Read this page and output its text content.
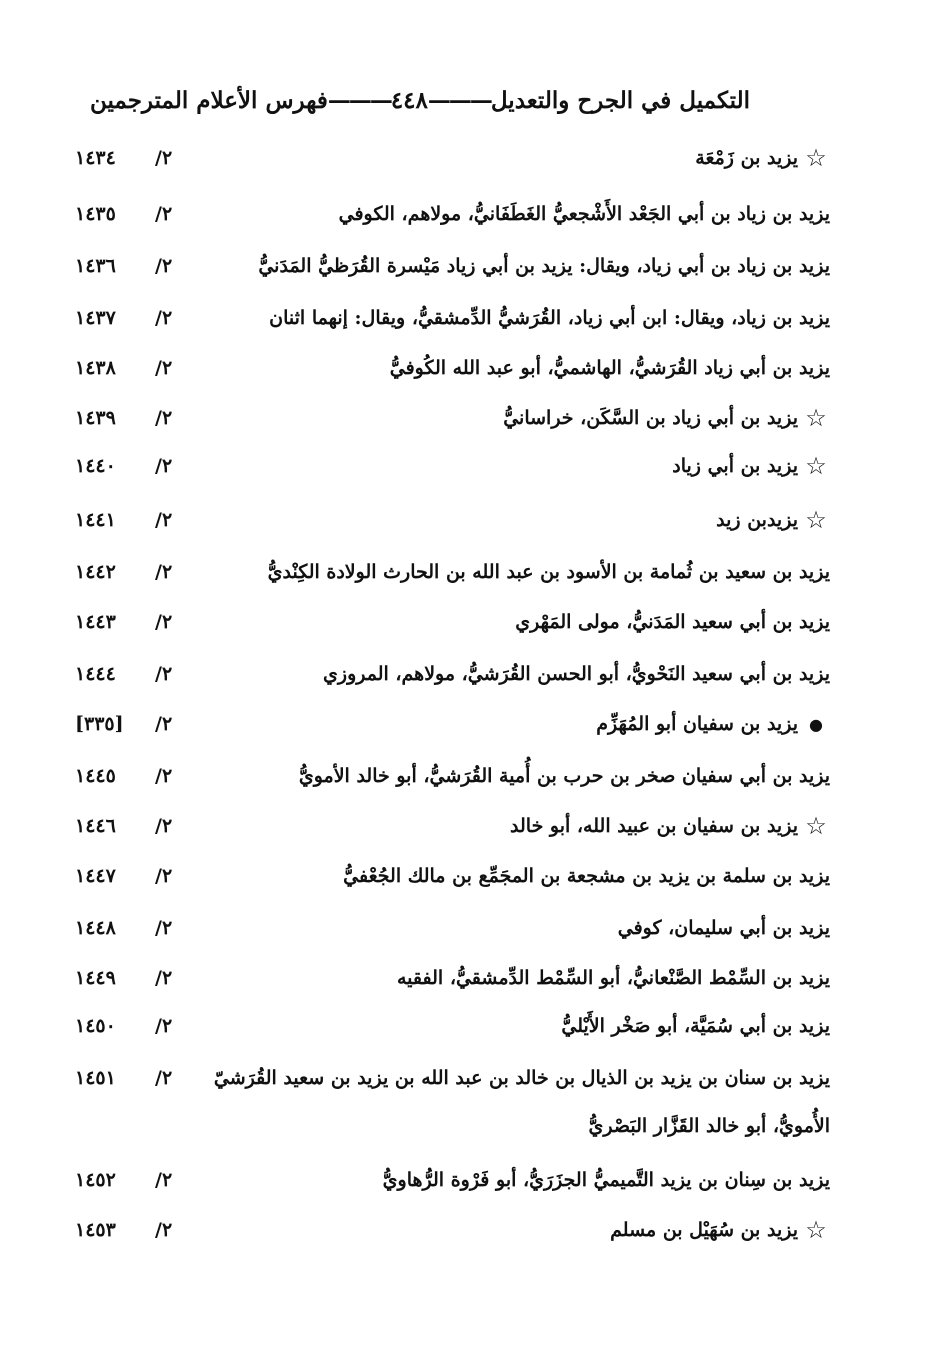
التكميل في الجرح والتعديل
———
٤٤٨
———
فهرس الأعلام المترجمين
☆
يزيد بن زَمْعَة
٢/
١٤٣٤
يزيد بن زياد بن أبي الجَعْد الأَشْجعيُّ الغَطَفَانيُّ، مولاهم، الكوفي
٢/
١٤٣٥
يزيد بن زياد بن أبي زياد، ويقال: يزيد بن أبي زياد مَيْسرة القُرَظيُّ المَدَنيُّ
٢/
١٤٣٦
يزيد بن زياد، ويقال: ابن أبي زياد، القُرَشيُّ الدِّمشقيُّ، ويقال: إنهما اثنان
٢/
١٤٣٧
يزيد بن أبي زياد القُرَشيُّ، الهاشميُّ، أبو عبد الله الكُوفيُّ
٢/
١٤٣٨
☆
يزيد بن أبي زياد بن السَّكَن، خراسانيُّ
٢/
١٤٣٩
☆
يزيد بن أبي زياد
٢/
١٤٤٠
☆
يزيدبن زيد
٢/
١٤٤١
يزيد بن سعيد بن ثُمامة بن الأسود بن عبد الله بن الحارث الولادة الكِنْديُّ
٢/
١٤٤٢
يزيد بن أبي سعيد المَدَنيُّ، مولى المَهْري
٢/
١٤٤٣
يزيد بن أبي سعيد النَحْويُّ، أبو الحسن القُرَشيُّ، مولاهم، المروزي
٢/
١٤٤٤
●
يزيد بن سفيان أبو المُهَزِّم
٢/
[٣٣٥]
يزيد بن أبي سفيان صخر بن حرب بن أُمية القُرَشيُّ، أبو خالد الأمويُّ
٢/
١٤٤٥
☆
يزيد بن سفيان بن عبيد الله، أبو خالد
٢/
١٤٤٦
يزيد بن سلمة بن يزيد بن مشجعة بن المجَمِّع بن مالك الجُعْفيُّ
٢/
١٤٤٧
يزيد بن أبي سليمان، كوفي
٢/
١٤٤٨
يزيد بن السِّمْط الصَّنْعانيُّ، أبو السِّمْط الدِّمشقيُّ، الفقيه
٢/
١٤٤٩
يزيد بن أبي سُمَيَّة، أبو صَخْر الأَيْليُّ
٢/
١٤٥٠
يزيد بن سنان بن يزيد بن الذيال بن خالد بن عبد الله بن يزيد بن سعيد القُرَشيّ
٢/
١٤٥١
الأُمويُّ، أبو خالد القَزَّار البَصْريُّ
يزيد بن سِنان بن يزيد التَّميميُّ الجزَرَيُّ، أبو فَرْوة الرُّهاويُّ
٢/
١٤٥٢
☆
يزيد بن سُهَيْل بن مسلم
٢/
١٤٥٣
